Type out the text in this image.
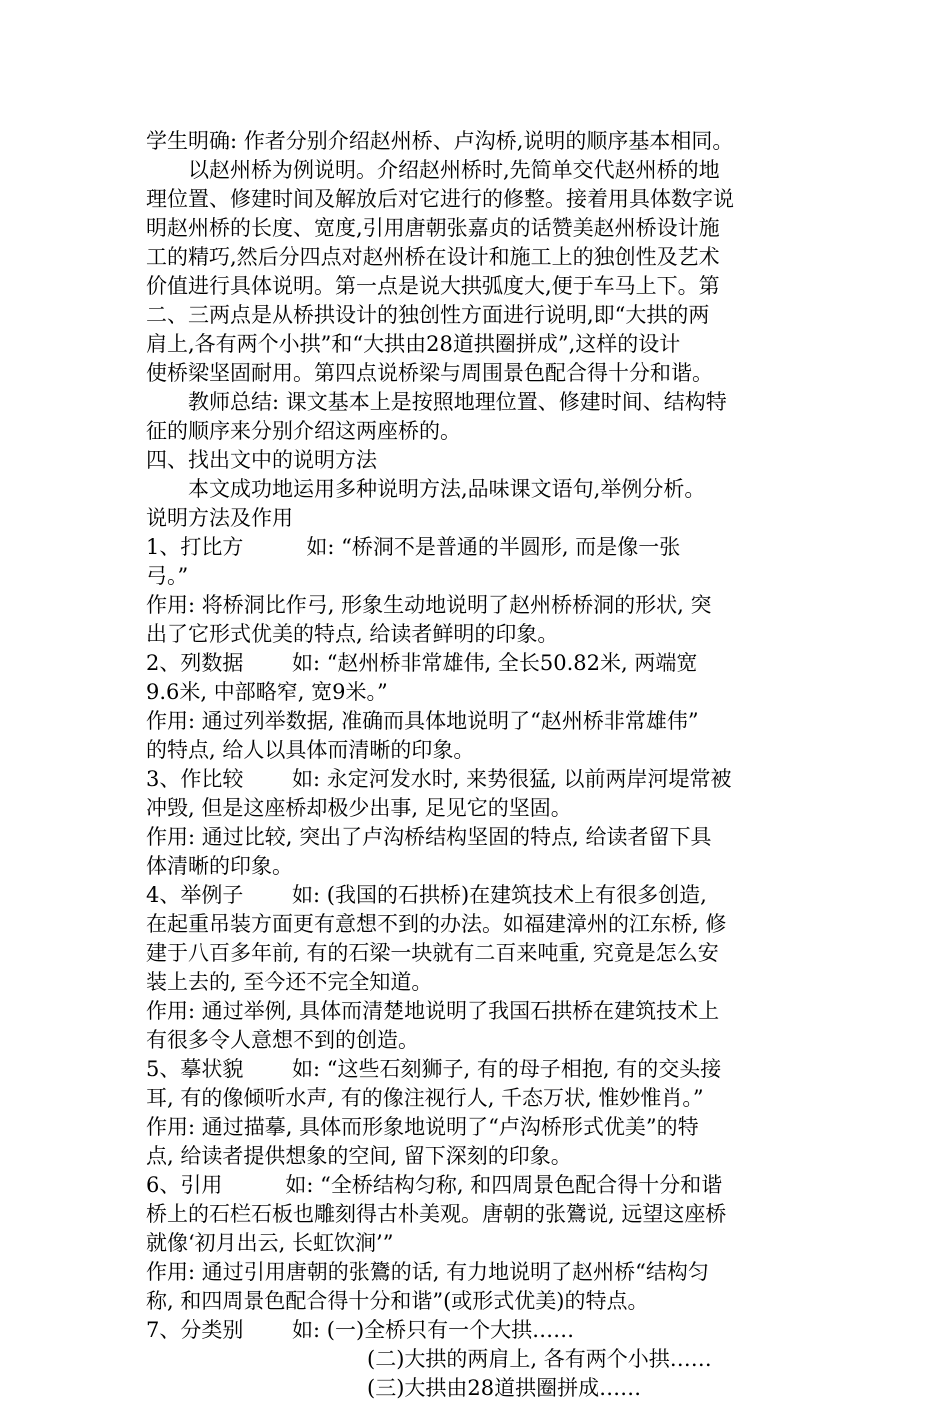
学生明确: 作者分别介绍赵州桥、卢沟桥,说明的顺序基本相同。
以赵州桥为例说明。介绍赵州桥时,先简单交代赵州桥的地
理位置、修建时间及解放后对它进行的修整。接着用具体数字说
明赵州桥的长度、宽度,引用唐朝张嘉贞的话赞美赵州桥设计施
工的精巧,然后分四点对赵州桥在设计和施工上的独创性及艺术
价值进行具体说明。第一点是说大拱弧度大,便于车马上下。第
二、三两点是从桥拱设计的独创性方面进行说明,即“大拱的两
肩上,各有两个小拱”和“大拱由28道拱圈拼成”,这样的设计
使桥梁坚固耐用。第四点说桥梁与周围景色配合得十分和谐。
教师总结: 课文基本上是按照地理位置、修建时间、结构特
征的顺序来分别介绍这两座桥的。
四、找出文中的说明方法
本文成功地运用多种说明方法,品味课文语句,举例分析。
说明方法及作用
1、打比方　　　如: “桥洞不是普通的半圆形, 而是像一张
弓。”
作用: 将桥洞比作弓, 形象生动地说明了赵州桥桥洞的形状, 突
出了它形式优美的特点, 给读者鲜明的印象。
2、列数据　　 如: “赵州桥非常雄伟, 全长50.82米, 两端宽
9.6米, 中部略窄, 宽9米。”
作用: 通过列举数据, 准确而具体地说明了“赵州桥非常雄伟”
的特点, 给人以具体而清晰的印象。
3、作比较　　 如: 永定河发水时, 来势很猛, 以前两岸河堤常被
冲毁, 但是这座桥却极少出事, 足见它的坚固。
作用: 通过比较, 突出了卢沟桥结构坚固的特点, 给读者留下具
体清晰的印象。
4、举例子　　 如: (我国的石拱桥)在建筑技术上有很多创造,
在起重吊装方面更有意想不到的办法。如福建漳州的江东桥, 修
建于八百多年前, 有的石梁一块就有二百来吨重, 究竟是怎么安
装上去的, 至今还不完全知道。
作用: 通过举例, 具体而清楚地说明了我国石拱桥在建筑技术上
有很多令人意想不到的创造。
5、摹状貌　　 如: “这些石刻狮子, 有的母子相抱, 有的交头接
耳, 有的像倾听水声, 有的像注视行人, 千态万状, 惟妙惟肖。”
作用: 通过描摹, 具体而形象地说明了“卢沟桥形式优美”的特
点, 给读者提供想象的空间, 留下深刻的印象。
6、引用　　　如: “全桥结构匀称, 和四周景色配合得十分和谐
桥上的石栏石板也雕刻得古朴美观。唐朝的张鷟说, 远望这座桥
就像‘初月出云, 长虹饮涧’”
作用: 通过引用唐朝的张鷟的话, 有力地说明了赵州桥“结构匀
称, 和四周景色配合得十分和谐”(或形式优美)的特点。
7、分类别　　 如: (一)全桥只有一个大拱……
(二)大拱的两肩上, 各有两个小拱……
(三)大拱由28道拱圈拼成……
